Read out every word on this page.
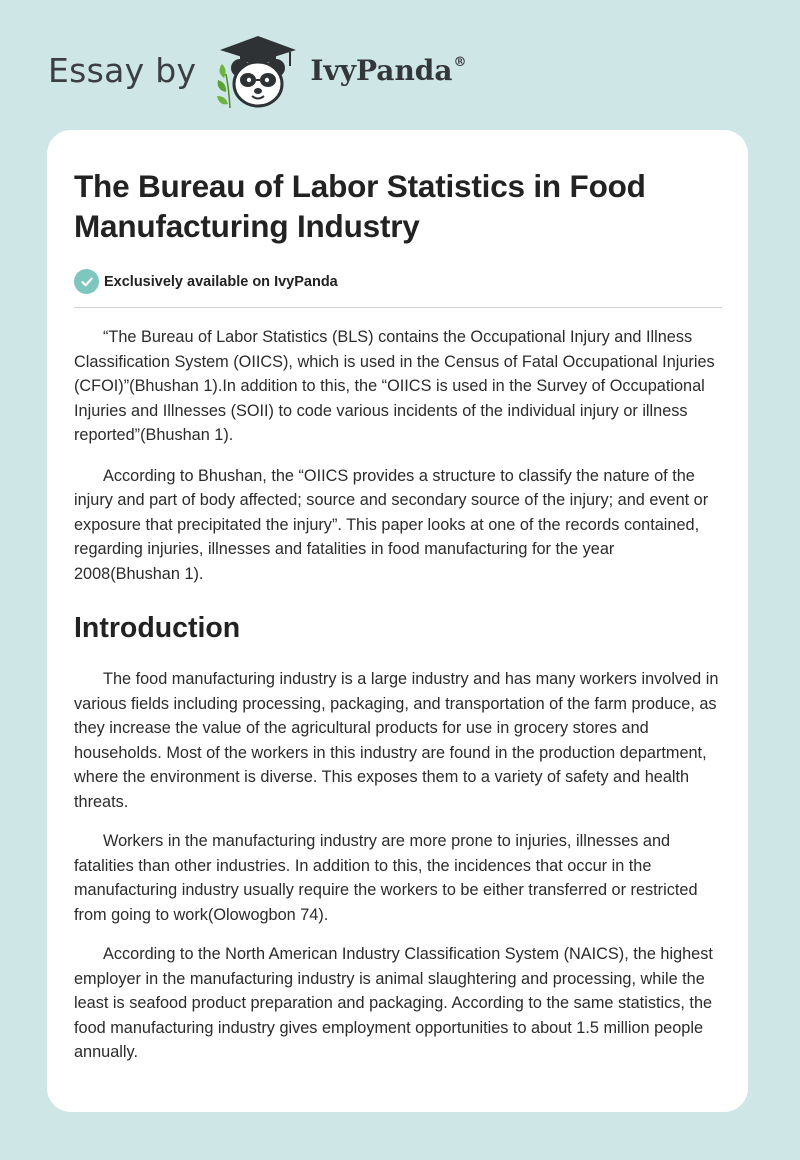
Essay by	IvyPanda®
The Bureau of Labor Statistics in Food Manufacturing Industry
Exclusively available on IvyPanda

“The Bureau of Labor Statistics (BLS) contains the Occupational Injury and Illness Classification System (OIICS), which is used in the Census of Fatal Occupational Injuries (CFOI)”(Bhushan 1).In addition to this, the “OIICS is used in the Survey of Occupational Injuries and Illnesses (SOII) to code various incidents of the individual injury or illness reported”(Bhushan 1).

According to Bhushan, the “OIICS provides a structure to classify the nature of the injury and part of body affected; source and secondary source of the injury; and event or exposure that precipitated the injury”. This paper looks at one of the records contained, regarding injuries, illnesses and fatalities in food manufacturing for the year 2008(Bhushan 1).

Introduction

The food manufacturing industry is a large industry and has many workers involved in various fields including processing, packaging, and transportation of the farm produce, as they increase the value of the agricultural products for use in grocery stores and households. Most of the workers in this industry are found in the production department, where the environment is diverse. This exposes them to a variety of safety and health threats.

Workers in the manufacturing industry are more prone to injuries, illnesses and fatalities than other industries. In addition to this, the incidences that occur in the manufacturing industry usually require the workers to be either transferred or restricted from going to work(Olowogbon 74).

According to the North American Industry Classification System (NAICS), the highest employer in the manufacturing industry is animal slaughtering and processing, while the least is seafood product preparation and packaging. According to the same statistics, the food manufacturing industry gives employment opportunities to about 1.5 million people annually.
